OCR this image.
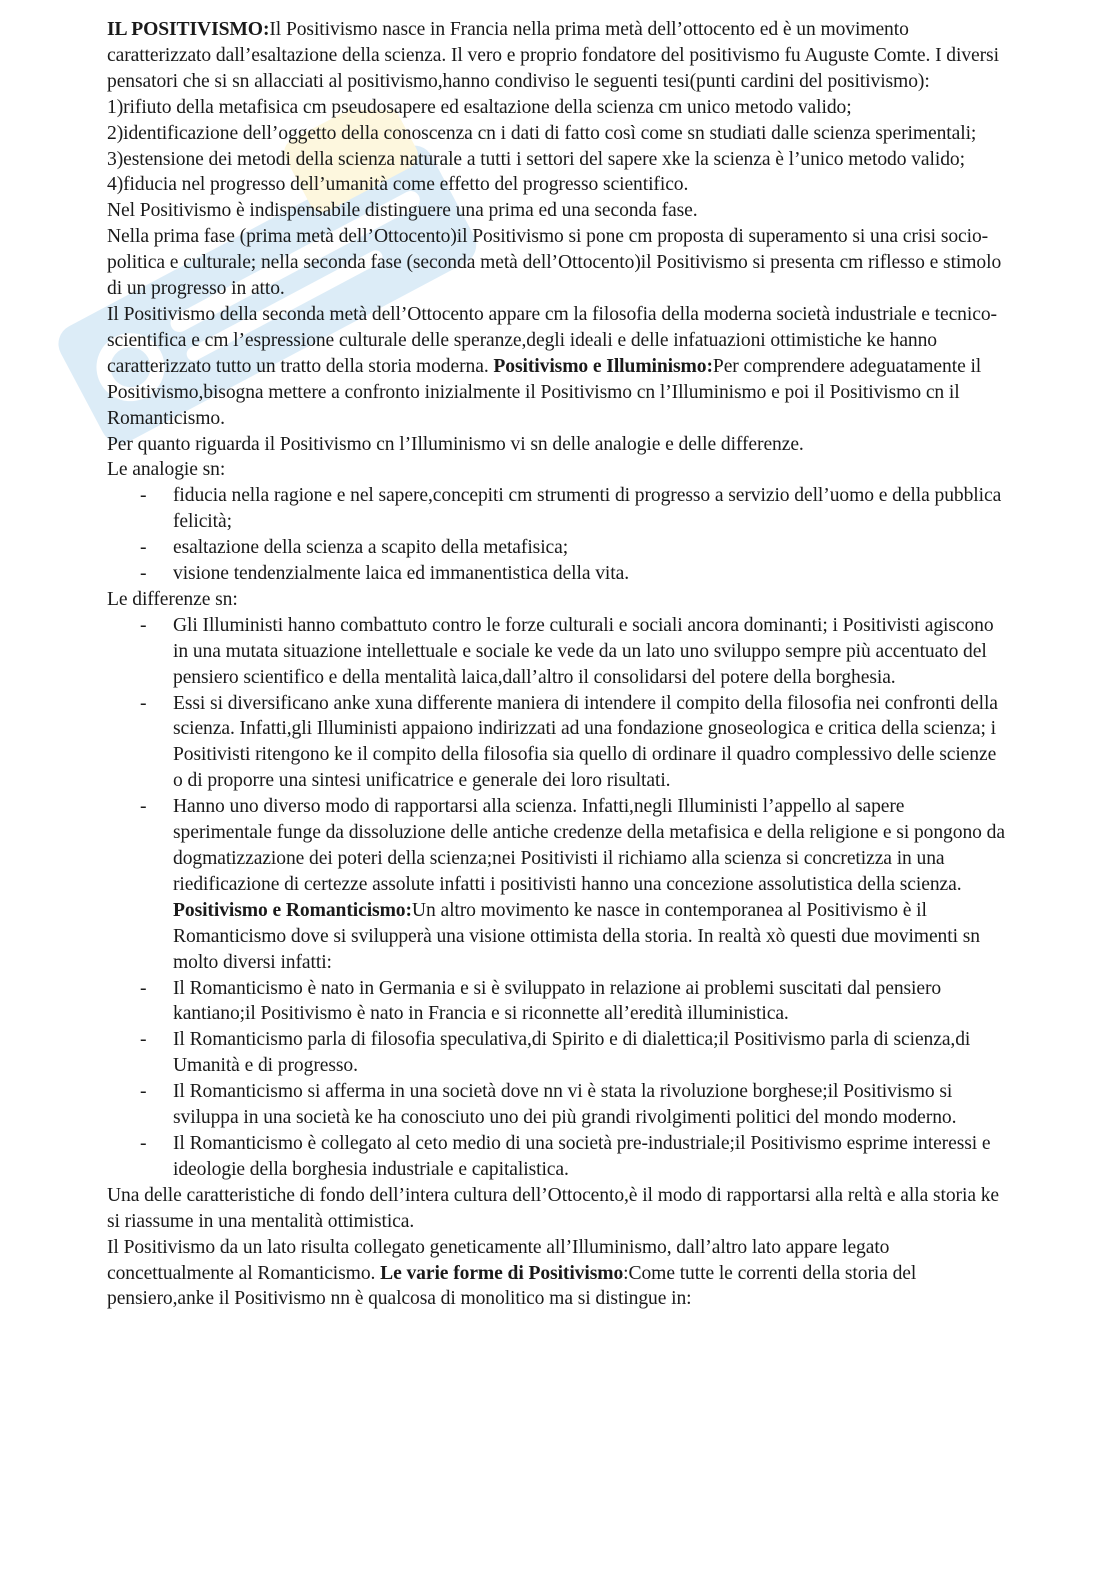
IL POSITIVISMO:Il Positivismo nasce in Francia nella prima metà dell’ottocento ed è un movimento caratterizzato dall’esaltazione della scienza. Il vero e proprio fondatore del positivismo fu Auguste Comte. I diversi pensatori che si sn allacciati al positivismo,hanno condiviso le seguenti tesi(punti cardini del positivismo):

1)rifiuto della metafisica cm pseudosapere ed esaltazione della scienza cm unico metodo valido;

2)identificazione dell’oggetto della conoscenza cn i dati di fatto così come sn studiati dalle scienza sperimentali;

3)estensione dei metodi della scienza naturale a tutti i settori del sapere xke la scienza è l’unico metodo valido;

4)fiducia nel progresso dell’umanità come effetto del progresso scientifico.

Nel Positivismo è indispensabile distinguere una prima ed una seconda fase.

Nella prima fase (prima metà dell’Ottocento)il Positivismo si pone cm proposta di superamento si una crisi socio-politica e culturale; nella seconda fase (seconda metà dell’Ottocento)il Positivismo si presenta cm riflesso e stimolo di un progresso in atto.

Il Positivismo della seconda metà dell’Ottocento appare cm la filosofia della moderna società industriale e tecnico-scientifica e cm l’espressione culturale delle speranze,degli ideali e delle infatuazioni ottimistiche ke hanno caratterizzato tutto un tratto della storia moderna. Positivismo e Illuminismo:Per comprendere adeguatamente il Positivismo,bisogna mettere a confronto inizialmente il Positivismo cn l’Illuminismo e poi il Positivismo cn il Romanticismo.

Per quanto riguarda il Positivismo cn l’Illuminismo vi sn delle analogie e delle differenze.

Le analogie sn:

- fiducia nella ragione e nel sapere,concepiti cm strumenti di progresso a servizio dell’uomo e della pubblica felicità;
- esaltazione della scienza a scapito della metafisica;
- visione tendenzialmente laica ed immanentistica della vita.

Le differenze sn:

- Gli Illuministi hanno combattuto contro le forze culturali e sociali ancora dominanti; i Positivisti agiscono in una mutata situazione intellettuale e sociale ke vede da un lato uno sviluppo sempre più accentuato del pensiero scientifico e della mentalità laica,dall’altro il consolidarsi del potere della borghesia.
- Essi si diversificano anke xuna differente maniera di intendere il compito della filosofia nei confronti della scienza. Infatti,gli Illuministi appaiono indirizzati ad una fondazione gnoseologica e critica della scienza; i Positivisti ritengono ke il compito della filosofia sia quello di ordinare il quadro complessivo delle scienze o di proporre una sintesi unificatrice e generale dei loro risultati.
- Hanno uno diverso modo di rapportarsi alla scienza. Infatti,negli Illuministi l’appello al sapere sperimentale funge da dissoluzione delle antiche credenze della metafisica e della religione e si pongono da dogmatizzazione dei poteri della scienza;nei Positivisti il richiamo alla scienza si concretizza in una riedificazione di certezze assolute infatti i positivisti hanno una concezione assolutistica della scienza. Positivismo e Romanticismo:Un altro movimento ke nasce in contemporanea al Positivismo è il Romanticismo dove si svilupperà una visione ottimista della storia. In realtà xò questi due movimenti sn molto diversi infatti:
- Il Romanticismo è nato in Germania e si è sviluppato in relazione ai problemi suscitati dal pensiero kantiano;il Positivismo è nato in Francia e si riconnette all’eredità illuministica.
- Il Romanticismo parla di filosofia speculativa,di Spirito e di dialettica;il Positivismo parla di scienza,di Umanità e di progresso.
- Il Romanticismo si afferma in una società dove nn vi è stata la rivoluzione borghese;il Positivismo si sviluppa in una società ke ha conosciuto uno dei più grandi rivolgimenti politici del mondo moderno.
- Il Romanticismo è collegato al ceto medio di una società pre-industriale;il Positivismo esprime interessi e ideologie della borghesia industriale e capitalistica.

Una delle caratteristiche di fondo dell’intera cultura dell’Ottocento,è il modo di rapportarsi alla reltà e alla storia ke si riassume in una mentalità ottimistica.

Il Positivismo da un lato risulta collegato geneticamente all’Illuminismo, dall’altro lato appare legato concettualmente al Romanticismo. Le varie forme di Positivismo:Come tutte le correnti della storia del pensiero,anke il Positivismo nn è qualcosa di monolitico ma si distingue in:
